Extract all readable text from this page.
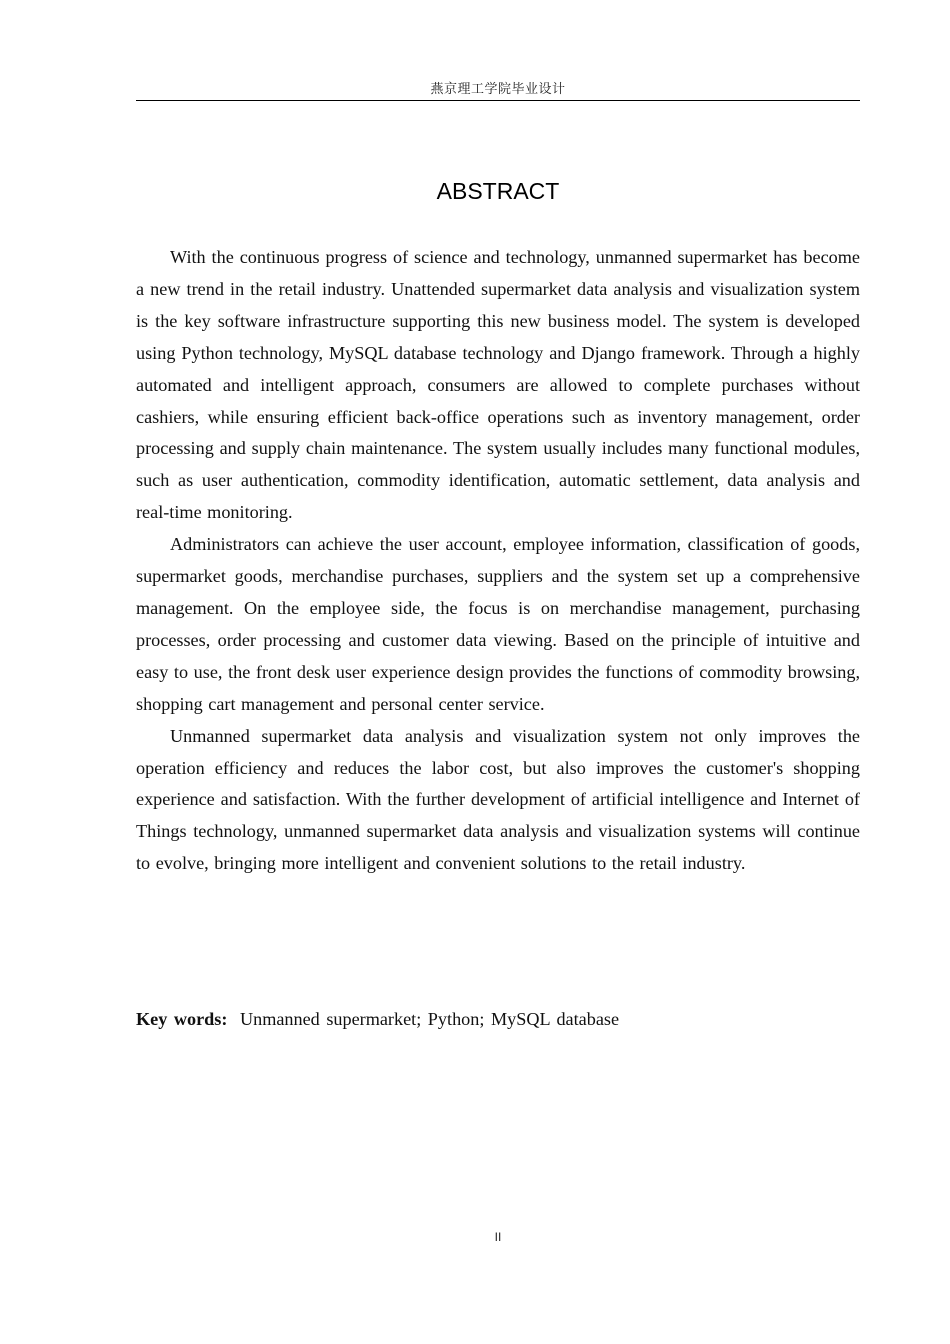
燕京理工学院毕业设计
ABSTRACT

With the continuous progress of science and technology, unmanned supermarket has become a new trend in the retail industry. Unattended supermarket data analysis and visualization system is the key software infrastructure supporting this new business model. The system is developed using Python technology, MySQL database technology and Django framework. Through a highly automated and intelligent approach, consumers are allowed to complete purchases without cashiers, while ensuring efficient back-office operations such as inventory management, order processing and supply chain maintenance. The system usually includes many functional modules, such as user authentication, commodity identification, automatic settlement, data analysis and real-time monitoring.

Administrators can achieve the user account, employee information, classification of goods, supermarket goods, merchandise purchases, suppliers and the system set up a comprehensive management. On the employee side, the focus is on merchandise management, purchasing processes, order processing and customer data viewing. Based on the principle of intuitive and easy to use, the front desk user experience design provides the functions of commodity browsing, shopping cart management and personal center service.

Unmanned supermarket data analysis and visualization system not only improves the operation efficiency and reduces the labor cost, but also improves the customer's shopping experience and satisfaction. With the further development of artificial intelligence and Internet of Things technology, unmanned supermarket data analysis and visualization systems will continue to evolve, bringing more intelligent and convenient solutions to the retail industry.

Key words: Unmanned supermarket; Python; MySQL database
II
